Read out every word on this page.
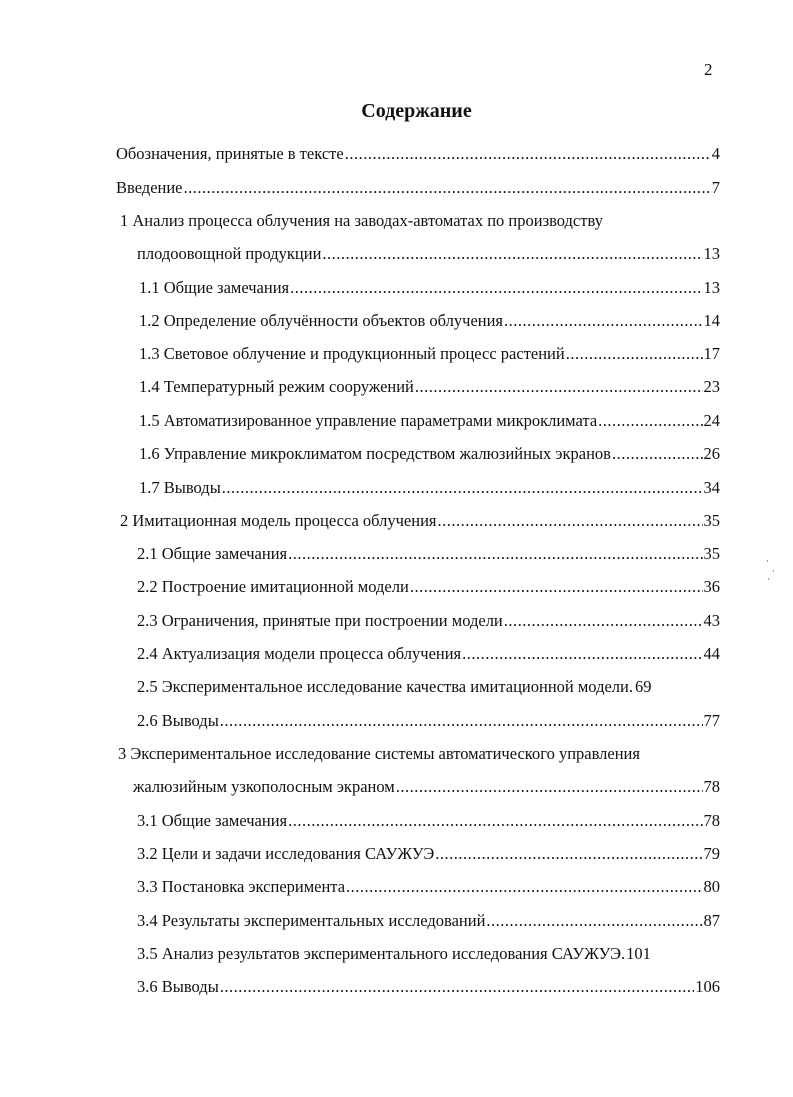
2
Содержание
Обозначения, принятые в тексте .....	4
Введение .....	7
1 Анализ процесса облучения на заводах-автоматах по производству
плодоовощной продукции .....	13
1.1 Общие замечания .....	13
1.2 Определение облучённости объектов облучения .....	14
1.3 Световое облучение и продукционный процесс растений .....	17
1.4 Температурный режим сооружений .....	23
1.5 Автоматизированное управление параметрами микроклимата .....	24
1.6 Управление микроклиматом посредством жалюзийных экранов .....	26
1.7 Выводы .....	34
2 Имитационная модель процесса облучения .....	35
2.1 Общие замечания .....	35
2.2 Построение имитационной модели .....	36
2.3 Ограничения, принятые при построении модели .....	43
2.4 Актуализация модели процесса облучения .....	44
2.5 Экспериментальное исследование качества имитационной модели. 69
2.6 Выводы .....	77
3 Экспериментальное исследование системы автоматического управления
жалюзийным узкополосным экраном .....	78
3.1 Общие замечания .....	78
3.2 Цели и задачи исследования САУЖУЭ .....	79
3.3 Постановка эксперимента .....	80
3.4 Результаты экспериментальных исследований .....	87
3.5 Анализ результатов экспериментального исследования САУЖУЭ. 101
3.6 Выводы .....	106
·
·
·
